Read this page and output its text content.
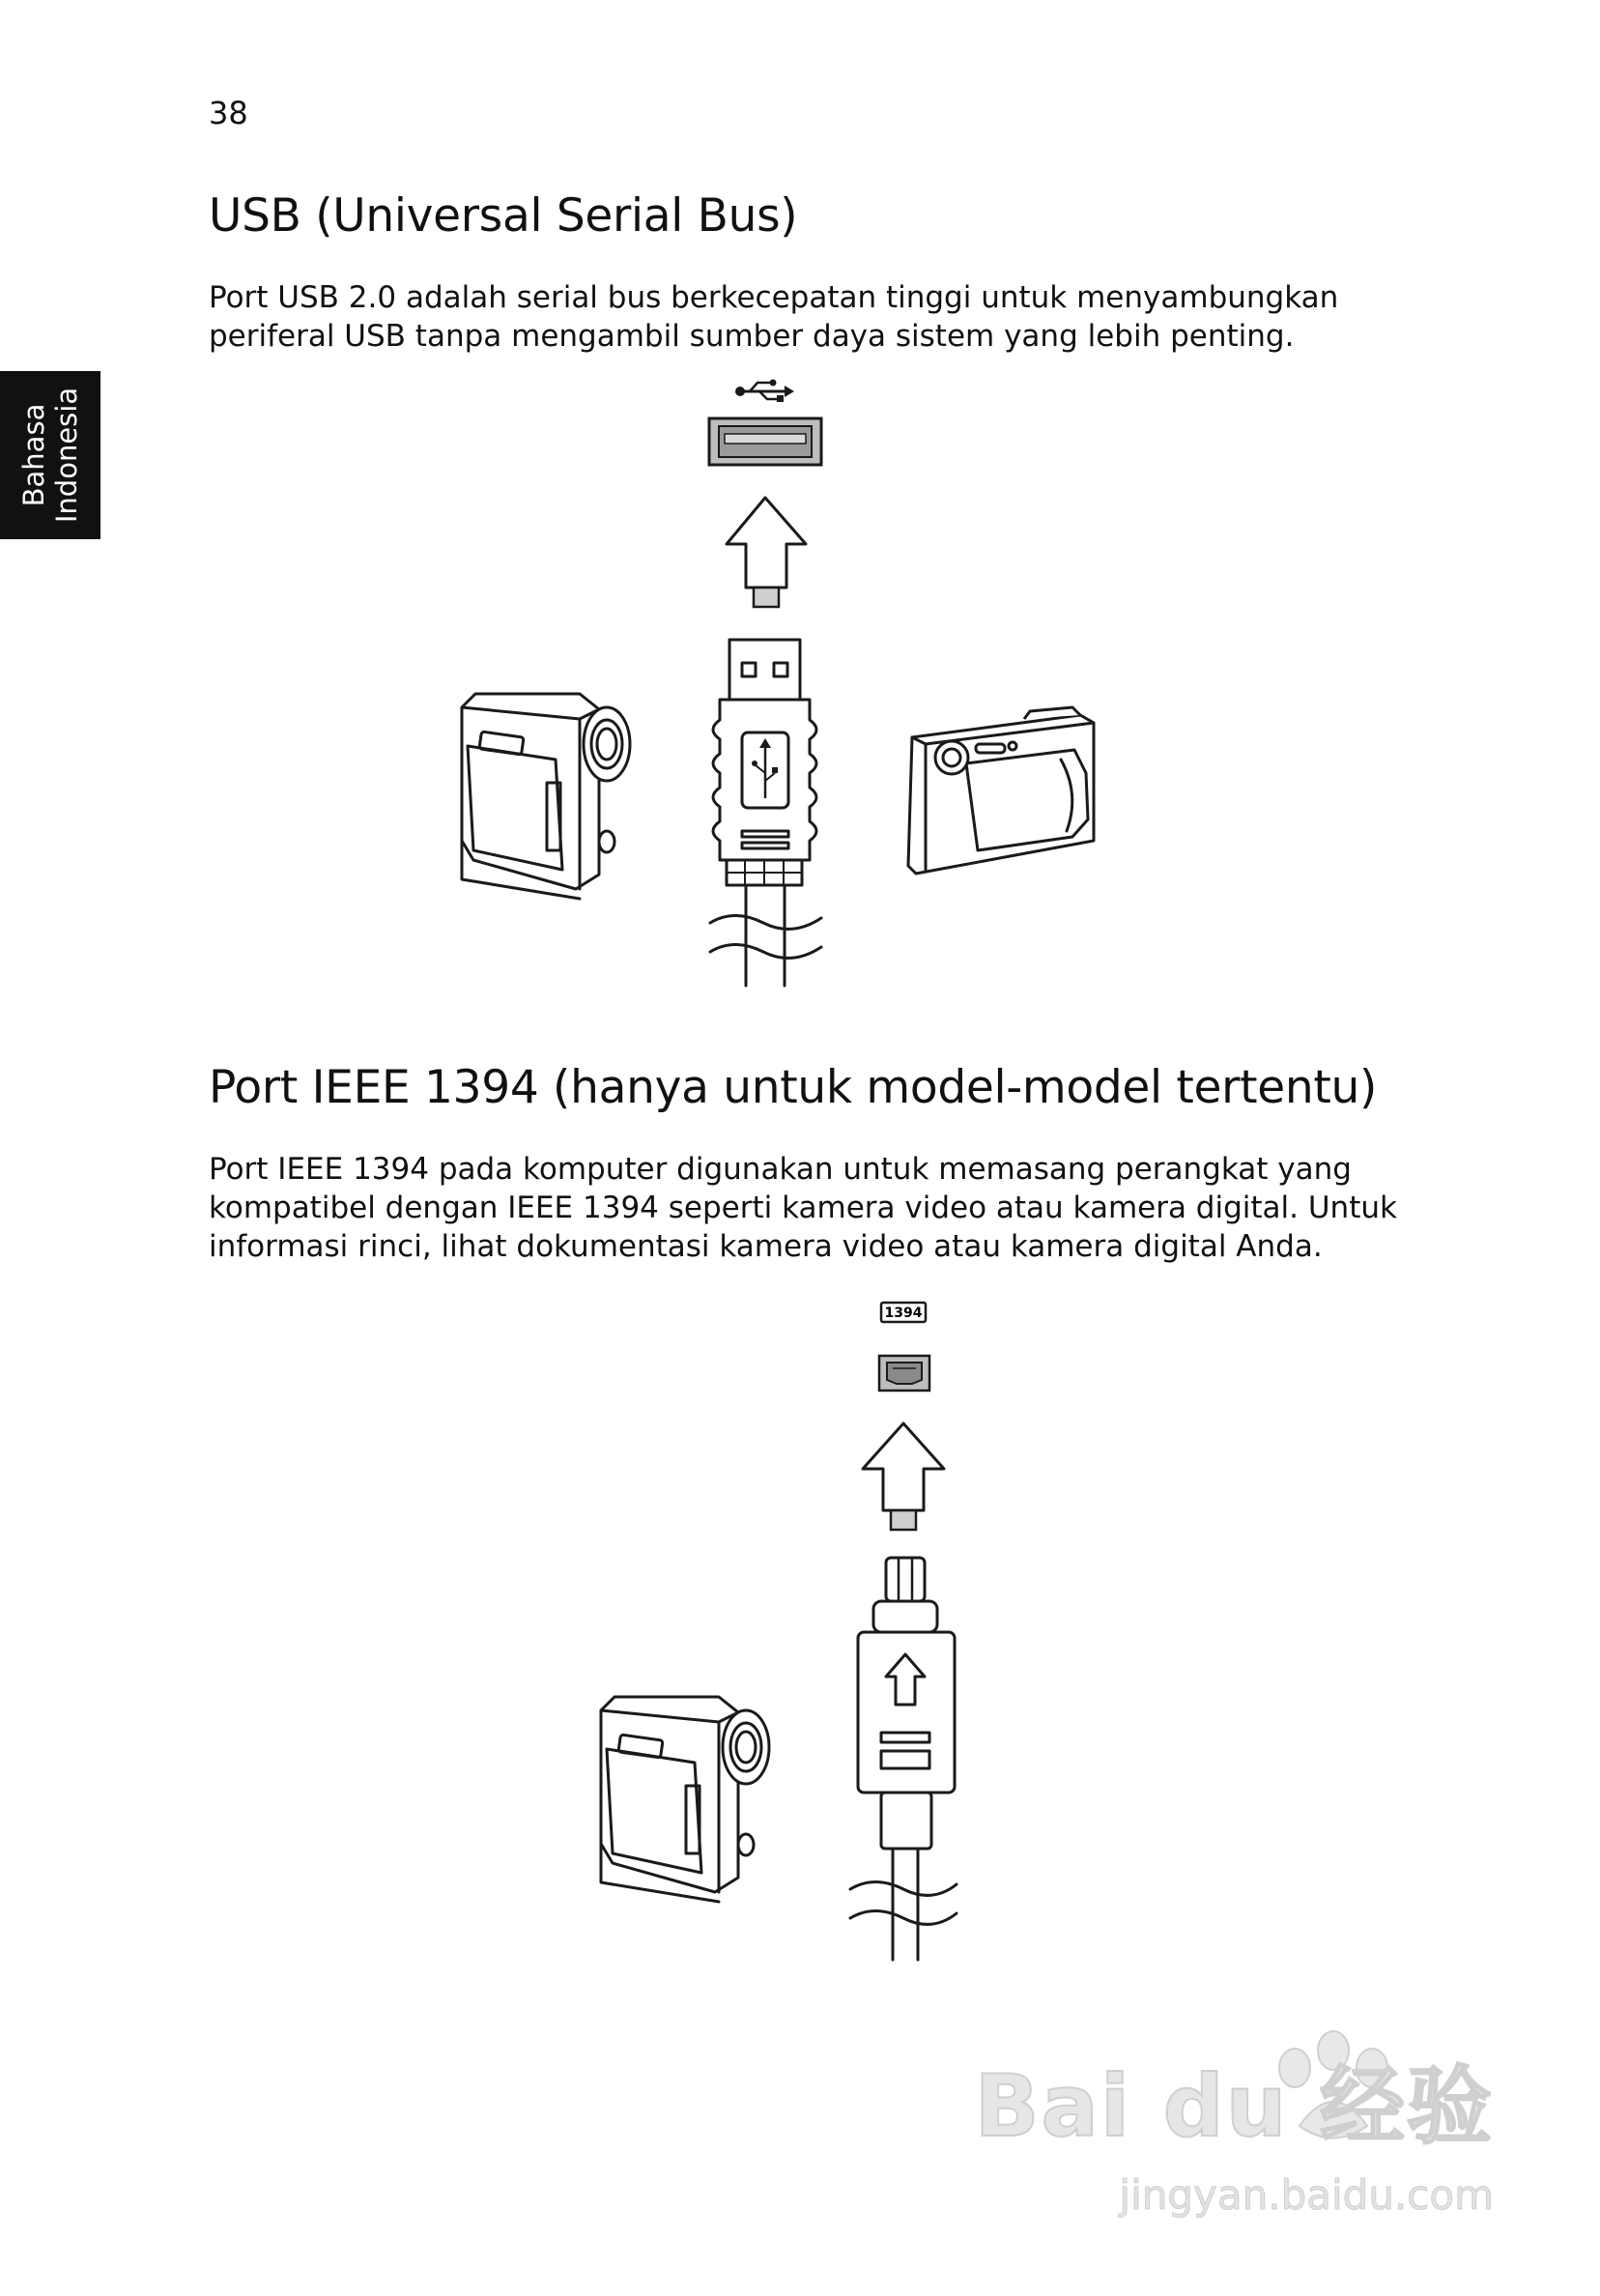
38
Bahasa Indonesia
USB (Universal Serial Bus)
Port USB 2.0 adalah serial bus berkecepatan tinggi untuk menyambungkan
periferal USB tanpa mengambil sumber daya sistem yang lebih penting.
Port IEEE 1394 (hanya untuk model-model tertentu)
Port IEEE 1394 pada komputer digunakan untuk memasang perangkat yang
kompatibel dengan IEEE 1394 seperti kamera video atau kamera digital. Untuk
informasi rinci, lihat dokumentasi kamera video atau kamera digital Anda.
1394
Bai du 经验
jingyan.baidu.com
